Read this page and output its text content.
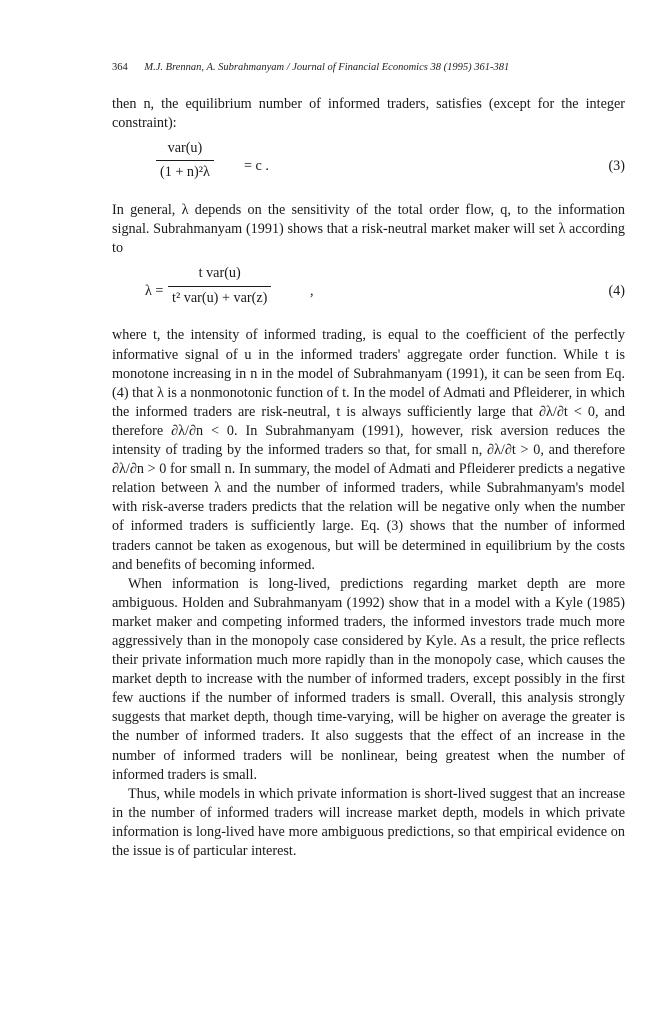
364 M.J. Brennan, A. Subrahmanyam / Journal of Financial Economics 38 (1995) 361-381

then n, the equilibrium number of informed traders, satisfies (except for the integer constraint):

var(u)
(1 + n)²λ = c .	(3)

In general, λ depends on the sensitivity of the total order flow, q, to the information signal. Subrahmanyam (1991) shows that a risk-neutral market maker will set λ according to

λ =
t var(u)
t² var(u) + var(z)	,	(4)

where t, the intensity of informed trading, is equal to the coefficient of the perfectly informative signal of u in the informed traders' aggregate order function. While t is monotone increasing in n in the model of Subrahmanyam (1991), it can be seen from Eq. (4) that λ is a nonmonotonic function of t. In the model of Admati and Pfleiderer, in which the informed traders are risk-neutral, t is always sufficiently large that ∂λ/∂t < 0, and therefore ∂λ/∂n < 0. In Subrahmanyam (1991), however, risk aversion reduces the intensity of trading by the informed traders so that, for small n, ∂λ/∂t > 0, and therefore ∂λ/∂n > 0 for small n. In summary, the model of Admati and Pfleiderer predicts a negative relation between λ and the number of informed traders, while Subrahmanyam's model with risk-averse traders predicts that the relation will be negative only when the number of informed traders is sufficiently large. Eq. (3) shows that the number of informed traders cannot be taken as exogenous, but will be determined in equilibrium by the costs and benefits of becoming informed.

When information is long-lived, predictions regarding market depth are more ambiguous. Holden and Subrahmanyam (1992) show that in a model with a Kyle (1985) market maker and competing informed traders, the informed investors trade much more aggressively than in the monopoly case considered by Kyle. As a result, the price reflects their private information much more rapidly than in the monopoly case, which causes the market depth to increase with the number of informed traders, except possibly in the first few auctions if the number of informed traders is small. Overall, this analysis strongly suggests that market depth, though time-varying, will be higher on average the greater is the number of informed traders. It also suggests that the effect of an increase in the number of informed traders will be nonlinear, being greatest when the number of informed traders is small.

Thus, while models in which private information is short-lived suggest that an increase in the number of informed traders will increase market depth, models in which private information is long-lived have more ambiguous predictions, so that empirical evidence on the issue is of particular interest.
